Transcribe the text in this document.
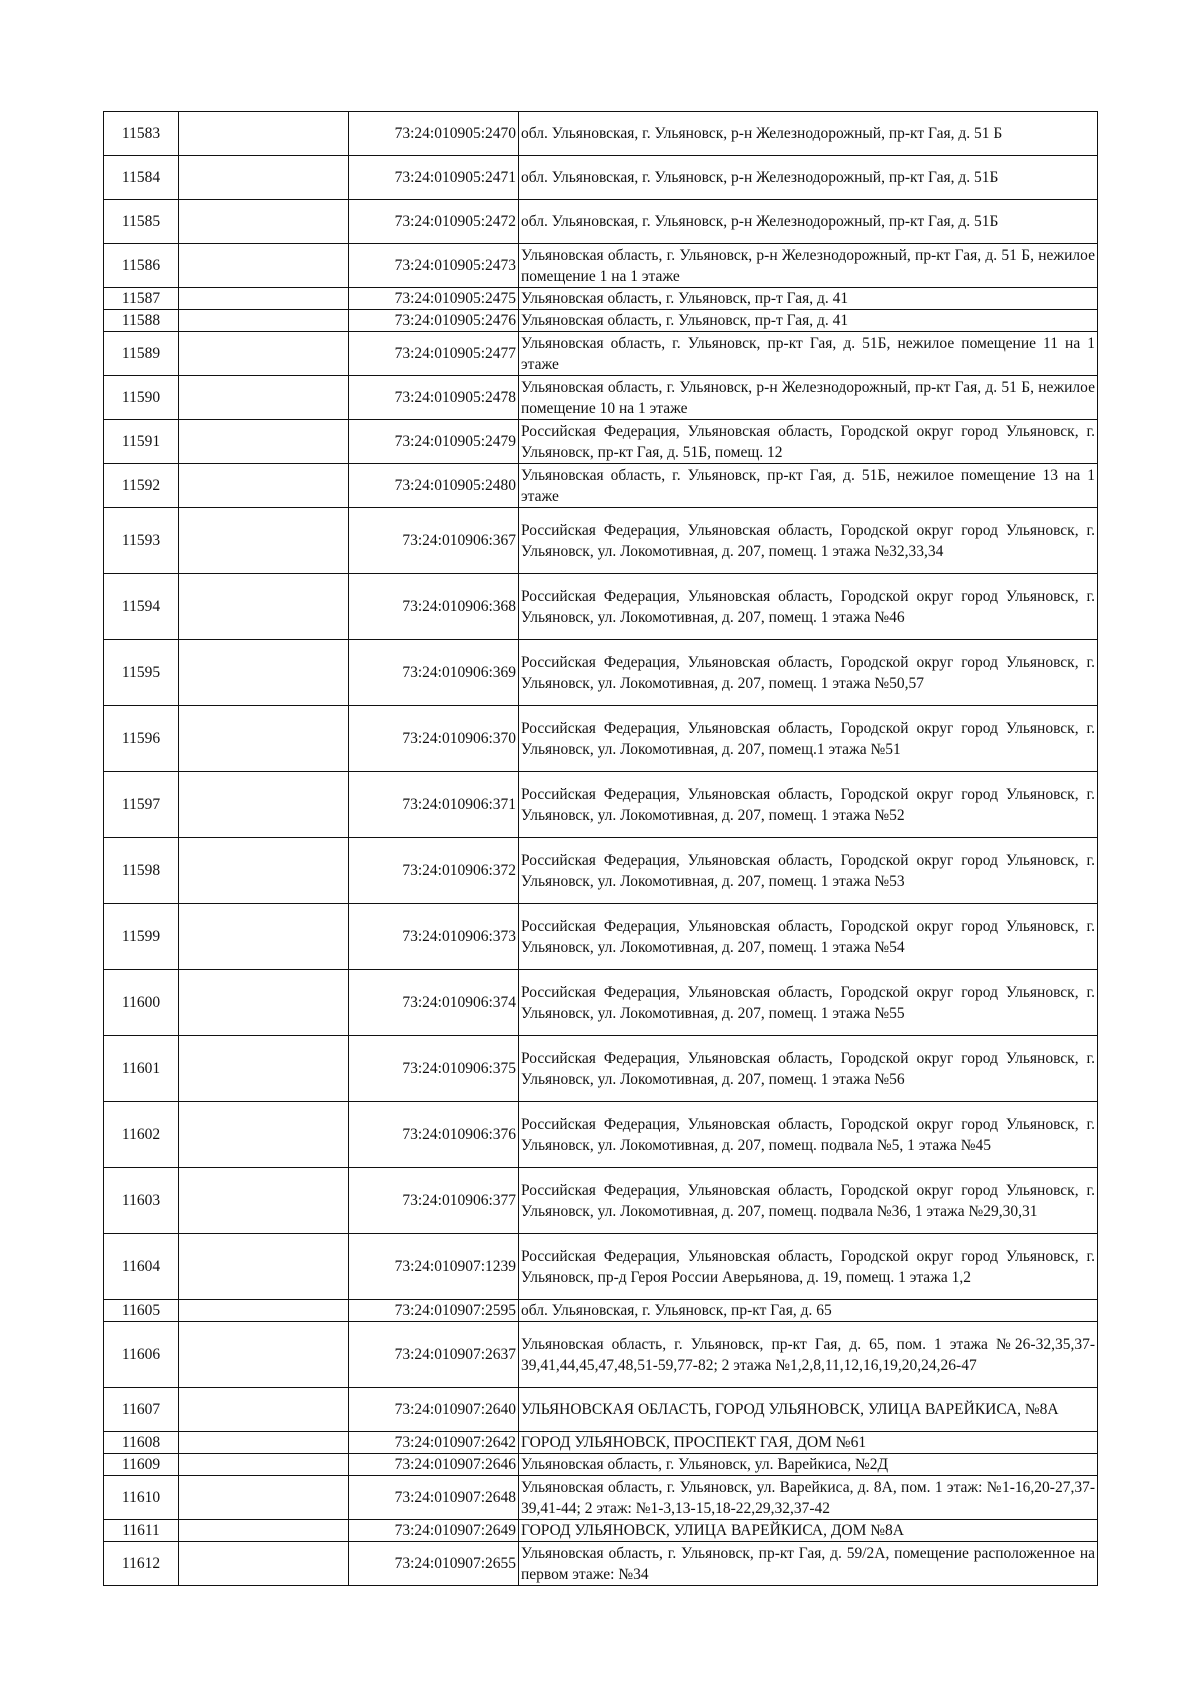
11583		73:24:010905:2470	обл. Ульяновская, г. Ульяновск, р-н Железнодорожный, пр-кт Гая, д. 51 Б
11584		73:24:010905:2471	обл. Ульяновская, г. Ульяновск, р-н Железнодорожный, пр-кт Гая, д. 51Б
11585		73:24:010905:2472	обл. Ульяновская, г. Ульяновск, р-н Железнодорожный, пр-кт Гая, д. 51Б
11586		73:24:010905:2473	Ульяновская область, г. Ульяновск, р-н Железнодорожный, пр-кт Гая, д. 51 Б, нежилое помещение 1 на 1 этаже
11587		73:24:010905:2475	Ульяновская область, г. Ульяновск, пр-т Гая, д. 41
11588		73:24:010905:2476	Ульяновская область, г. Ульяновск, пр-т Гая, д. 41
11589		73:24:010905:2477	Ульяновская область, г. Ульяновск, пр-кт Гая, д. 51Б, нежилое помещение 11 на 1 этаже
11590		73:24:010905:2478	Ульяновская область, г. Ульяновск, р-н Железнодорожный, пр-кт Гая, д. 51 Б, нежилое помещение 10 на 1 этаже
11591		73:24:010905:2479	Российская Федерация, Ульяновская область, Городской округ город Ульяновск, г. Ульяновск, пр-кт Гая, д. 51Б, помещ. 12
11592		73:24:010905:2480	Ульяновская область, г. Ульяновск, пр-кт Гая, д. 51Б, нежилое помещение 13 на 1 этаже
11593		73:24:010906:367	Российская Федерация, Ульяновская область, Городской округ город Ульяновск, г. Ульяновск, ул. Локомотивная, д. 207, помещ. 1 этажа №32,33,34
11594		73:24:010906:368	Российская Федерация, Ульяновская область, Городской округ город Ульяновск, г. Ульяновск, ул. Локомотивная, д. 207, помещ. 1 этажа №46
11595		73:24:010906:369	Российская Федерация, Ульяновская область, Городской округ город Ульяновск, г. Ульяновск, ул. Локомотивная, д. 207, помещ. 1 этажа №50,57
11596		73:24:010906:370	Российская Федерация, Ульяновская область, Городской округ город Ульяновск, г. Ульяновск, ул. Локомотивная, д. 207, помещ.1 этажа №51
11597		73:24:010906:371	Российская Федерация, Ульяновская область, Городской округ город Ульяновск, г. Ульяновск, ул. Локомотивная, д. 207, помещ. 1 этажа №52
11598		73:24:010906:372	Российская Федерация, Ульяновская область, Городской округ город Ульяновск, г. Ульяновск, ул. Локомотивная, д. 207, помещ. 1 этажа №53
11599		73:24:010906:373	Российская Федерация, Ульяновская область, Городской округ город Ульяновск, г. Ульяновск, ул. Локомотивная, д. 207, помещ. 1 этажа №54
11600		73:24:010906:374	Российская Федерация, Ульяновская область, Городской округ город Ульяновск, г. Ульяновск, ул. Локомотивная, д. 207, помещ. 1 этажа №55
11601		73:24:010906:375	Российская Федерация, Ульяновская область, Городской округ город Ульяновск, г. Ульяновск, ул. Локомотивная, д. 207, помещ. 1 этажа №56
11602		73:24:010906:376	Российская Федерация, Ульяновская область, Городской округ город Ульяновск, г. Ульяновск, ул. Локомотивная, д. 207, помещ. подвала №5, 1 этажа №45
11603		73:24:010906:377	Российская Федерация, Ульяновская область, Городской округ город Ульяновск, г. Ульяновск, ул. Локомотивная, д. 207, помещ. подвала №36, 1 этажа №29,30,31
11604		73:24:010907:1239	Российская Федерация, Ульяновская область, Городской округ город Ульяновск, г. Ульяновск, пр-д Героя России Аверьянова, д. 19, помещ. 1 этажа 1,2
11605		73:24:010907:2595	обл. Ульяновская, г. Ульяновск, пр-кт Гая, д. 65
11606		73:24:010907:2637	Ульяновская область, г. Ульяновск, пр-кт Гая, д. 65, пом. 1 этажа №26-32,35,37-39,41,44,45,47,48,51-59,77-82; 2 этажа №1,2,8,11,12,16,19,20,24,26-47
11607		73:24:010907:2640	УЛЬЯНОВСКАЯ ОБЛАСТЬ, ГОРОД УЛЬЯНОВСК, УЛИЦА ВАРЕЙКИСА, №8А
11608		73:24:010907:2642	ГОРОД УЛЬЯНОВСК, ПРОСПЕКТ ГАЯ, ДОМ №61
11609		73:24:010907:2646	Ульяновская область, г. Ульяновск, ул. Варейкиса, №2Д
11610		73:24:010907:2648	Ульяновская область, г. Ульяновск, ул. Варейкиса, д. 8А, пом. 1 этаж: №1-16,20-27,37-39,41-44; 2 этаж: №1-3,13-15,18-22,29,32,37-42
11611		73:24:010907:2649	ГОРОД УЛЬЯНОВСК, УЛИЦА ВАРЕЙКИСА, ДОМ №8А
11612		73:24:010907:2655	Ульяновская область, г. Ульяновск, пр-кт Гая, д. 59/2А, помещение расположенное на первом этаже: №34
